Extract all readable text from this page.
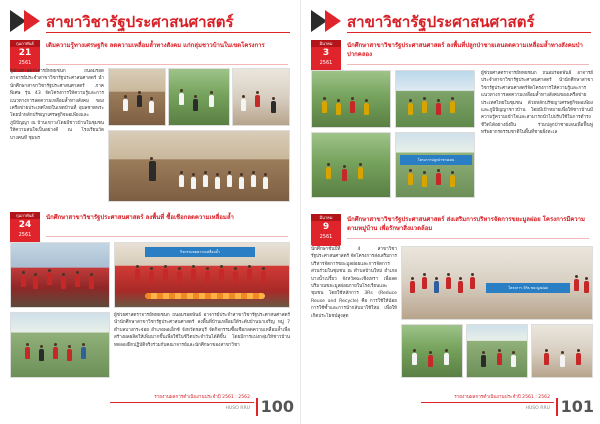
สาขาวิชารัฐประศาสนศาสตร์
กุมภาพันธ์
21
2561
เติมความรู้ทางเศรษฐกิจ ลดความเหลื่อมล้ำทางสังคม แก่กลุ่มชาวบ้านในเขตโครงการ
ผู้ช่วยศาสตราจารย์หทยชนก ถนอมรอด อาจารย์ประจำสาขาวิชารัฐประศาสนศาสตร์ นำนักศึกษาสาขาวิชารัฐประศาสนศาสตร์ ภาคพิเศษ รุ่น 43 จัดโครงการให้ความรู้และการแนวทางการลดความเหลื่อมล้ำทางสังคม ของเครือข่ายประเทศไทยในเขตบ้านที่ อุบลชาตพระ โดยนำหลักปรัชญาเศรษฐกิจพอเพียงและภูมิปัญญา ณ บ้านเขาวงโดยมีชาวบ้านในชุมชนให้ความสนใจเป็นอย่างดี ณ โรงเรียนวัดบางคนที ชุมพร
กุมภาพันธ์
24
2561
นักศึกษาสาขาวิชารัฐประศาสนศาสตร์ ลงพื้นที่ ซื้อเชือกลดความเหลื่อมล้ำ
กิจกรรมลดความเหลื่อมล้ำ
ผู้ช่วยศาสตราจารย์หทยชนก ถนอมรอดพันธ์ อาจารย์ประจำสาขาวิชารัฐประศาสนศาสตร์ นำนักศึกษาสาขาวิชารัฐประศาสนศาสตร์ ลงพื้นที่บ้านเหลื่อมใต้ระดับบ้านนาเจริญ หมู่ 7 ตำบลบางกระจ่อย อำเภอพอเอ็กซ์ จังหวัดชลบุรี จัดกิจกรรมซื้อเชือกลดความเหลื่อมล้ำเพื่อสร้างผลผลิตให้เพิ่มมากขึ้นเพื่อใช้ในชีวิตประจำวันได้ดีขึ้น โดยมีการแบ่งกลุ่มให้ชาวบ้านทดลองฝึกปฏิบัติจริงร่วมกับคณาจารย์และนักศึกษาของสาขาวิชา
รายงานผลการดำเนินงานประจำปี 2561 : 2562
HUSO RRU 100
สาขาวิชารัฐประศาสนศาสตร์
มีนาคม
3
2561
นักศึกษาสาขาวิชารัฐประศาสนศาสตร์ ลงพื้นที่ปลูกป่าชายเลนลดความเหลื่อมล้ำทางสังคมป่าปากคลอง
โครงการปลูกป่าชายเลน
ผู้ช่วยศาสตราจารย์หทยชนก ถนอมรอดพันธ์ อาจารย์ประจำสาขาวิชารัฐประศาสนศาสตร์ นำนักศึกษาสาขาวิชารัฐประศาสนศาสตร์จัดโครงการให้ความรู้และการแนวทางการลดความเหลื่อมล้ำทางสังคมของเครือข่ายประเทศไทยในชุมชน ด้วยหลักปรัชญาเศรษฐกิจพอเพียงและภูมิปัญญาชาวบ้าน โดยมีเป้าหมายเพื่อให้ชาวบ้านมีความรู้ความเข้าใจและสามารถนำไปปรับใช้ในการดำรงชีวิตได้อย่างยั่งยืน ร่วมปลูกป่าชายเลนเพื่อฟื้นฟูทรัพยากรธรรมชาติในพื้นที่ชายฝั่งทะเล
มีนาคม
9
2561
นักศึกษาสาขาวิชารัฐประศาสนศาสตร์ ส่งเสริมการบริหารจัดการขยะมูลฝอย โครงการมีความตามหมู่บ้าน เพื่อรักษาสิ่งแวดล้อม
นักศึกษาชั้นปีที่ 4 สาขาวิชารัฐประศาสนศาสตร์ จัดโครงการส่งเสริมการบริหารจัดการขยะมูลฝอยและการจัดการส่วนร่วมในชุมชน ณ ตำบลบ้านใหม่ อำเภอบางน้ำเปรี้ยว จังหวัดฉะเชิงเทรา เพื่อลดปริมาณขยะมูลฝอยภายในโรงเรียนและชุมชน โดยใช้หลักการ 3Rs (Reduce Reuse and Recycle) คือ การใช้ให้น้อย การใช้ซ้ำและการนำกลับมาใช้ใหม่ เพื่อให้เกิดประโยชน์สูงสุด
โครงการ 3Rs ขยะมูลฝอย
รายงานผลการดำเนินงานประจำปี 2561 : 2562
HUSO RRU 101
